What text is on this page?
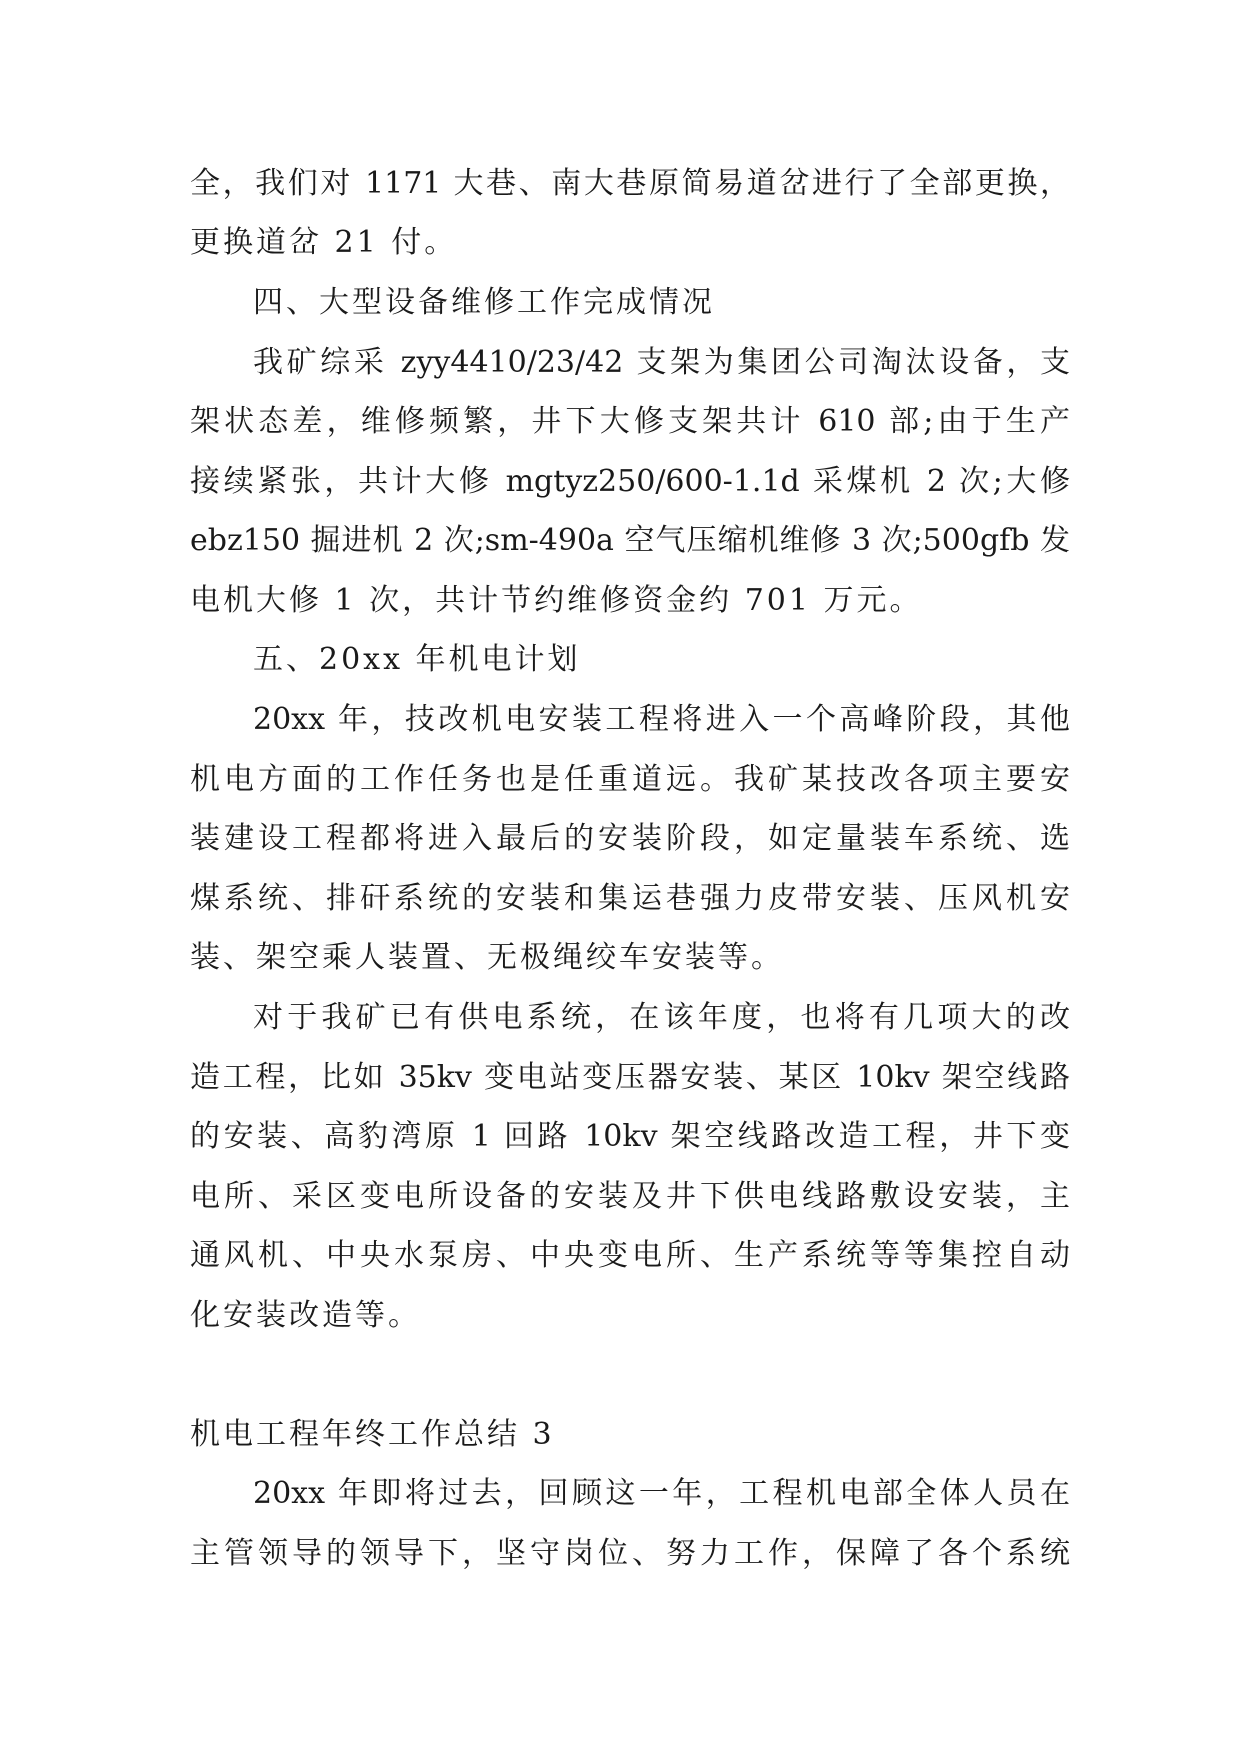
全，我们对 1171 大巷、南大巷原简易道岔进行了全部更换，
更换道岔 21 付。
四、大型设备维修工作完成情况
我矿综采 zyy4410/23/42 支架为集团公司淘汰设备，支
架状态差，维修频繁，井下大修支架共计 610 部;由于生产
接续紧张，共计大修 mgtyz250/600-1.1d 采煤机 2 次;大修
ebz150 掘进机 2 次;sm-490a 空气压缩机维修 3 次;500gfb 发
电机大修 1 次，共计节约维修资金约 701 万元。
五、20xx 年机电计划
20xx 年，技改机电安装工程将进入一个高峰阶段，其他
机电方面的工作任务也是任重道远。我矿某技改各项主要安
装建设工程都将进入最后的安装阶段，如定量装车系统、选
煤系统、排矸系统的安装和集运巷强力皮带安装、压风机安
装、架空乘人装置、无极绳绞车安装等。
对于我矿已有供电系统，在该年度，也将有几项大的改
造工程，比如 35kv 变电站变压器安装、某区 10kv 架空线路
的安装、高豹湾原 1 回路 10kv 架空线路改造工程，井下变
电所、采区变电所设备的安装及井下供电线路敷设安装，主
通风机、中央水泵房、中央变电所、生产系统等等集控自动
化安装改造等。
机电工程年终工作总结 3
20xx 年即将过去，回顾这一年，工程机电部全体人员在
主管领导的领导下，坚守岗位、努力工作，保障了各个系统
